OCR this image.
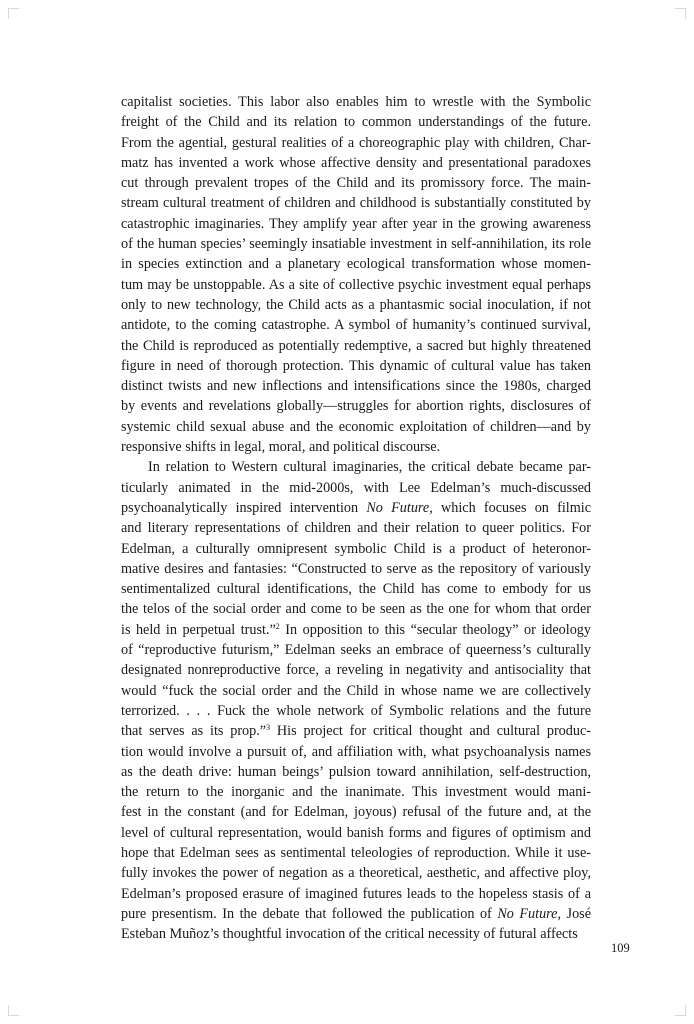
capitalist societies. This labor also enables him to wrestle with the Symbolic
freight of the Child and its relation to common understandings of the future.
From the agential, gestural realities of a choreographic play with children, Char-
matz has invented a work whose affective density and presentational paradoxes
cut through prevalent tropes of the Child and its promissory force. The main-
stream cultural treatment of children and childhood is substantially constituted by
catastrophic imaginaries. They amplify year after year in the growing awareness
of the human species’ seemingly insatiable investment in self-annihilation, its role
in species extinction and a planetary ecological transformation whose momen-
tum may be unstoppable. As a site of collective psychic investment equal perhaps
only to new technology, the Child acts as a phantasmic social inoculation, if not
antidote, to the coming catastrophe. A symbol of humanity’s continued survival,
the Child is reproduced as potentially redemptive, a sacred but highly threatened
figure in need of thorough protection. This dynamic of cultural value has taken
distinct twists and new inflections and intensifications since the 1980s, charged
by events and revelations globally—struggles for abortion rights, disclosures of
systemic child sexual abuse and the economic exploitation of children—and by
responsive shifts in legal, moral, and political discourse.
In relation to Western cultural imaginaries, the critical debate became par-
ticularly animated in the mid-2000s, with Lee Edelman’s much-discussed
psychoanalytically inspired intervention No Future, which focuses on filmic
and literary representations of children and their relation to queer politics. For
Edelman, a culturally omnipresent symbolic Child is a product of heteronor-
mative desires and fantasies: “Constructed to serve as the repository of variously
sentimentalized cultural identifications, the Child has come to embody for us
the telos of the social order and come to be seen as the one for whom that order
is held in perpetual trust.”$^2$ In opposition to this “secular theology” or ideology
of “reproductive futurism,” Edelman seeks an embrace of queerness’s culturally
designated nonreproductive force, a reveling in negativity and antisociality that
would “fuck the social order and the Child in whose name we are collectively
terrorized. . . . Fuck the whole network of Symbolic relations and the future
that serves as its prop.”$^3$ His project for critical thought and cultural produc-
tion would involve a pursuit of, and affiliation with, what psychoanalysis names
as the death drive: human beings’ pulsion toward annihilation, self-destruction,
the return to the inorganic and the inanimate. This investment would mani-
fest in the constant (and for Edelman, joyous) refusal of the future and, at the
level of cultural representation, would banish forms and figures of optimism and
hope that Edelman sees as sentimental teleologies of reproduction. While it use-
fully invokes the power of negation as a theoretical, aesthetic, and affective ploy,
Edelman’s proposed erasure of imagined futures leads to the hopeless stasis of a
pure presentism. In the debate that followed the publication of No Future, José
Esteban Muñoz’s thoughtful invocation of the critical necessity of futural affects
109
